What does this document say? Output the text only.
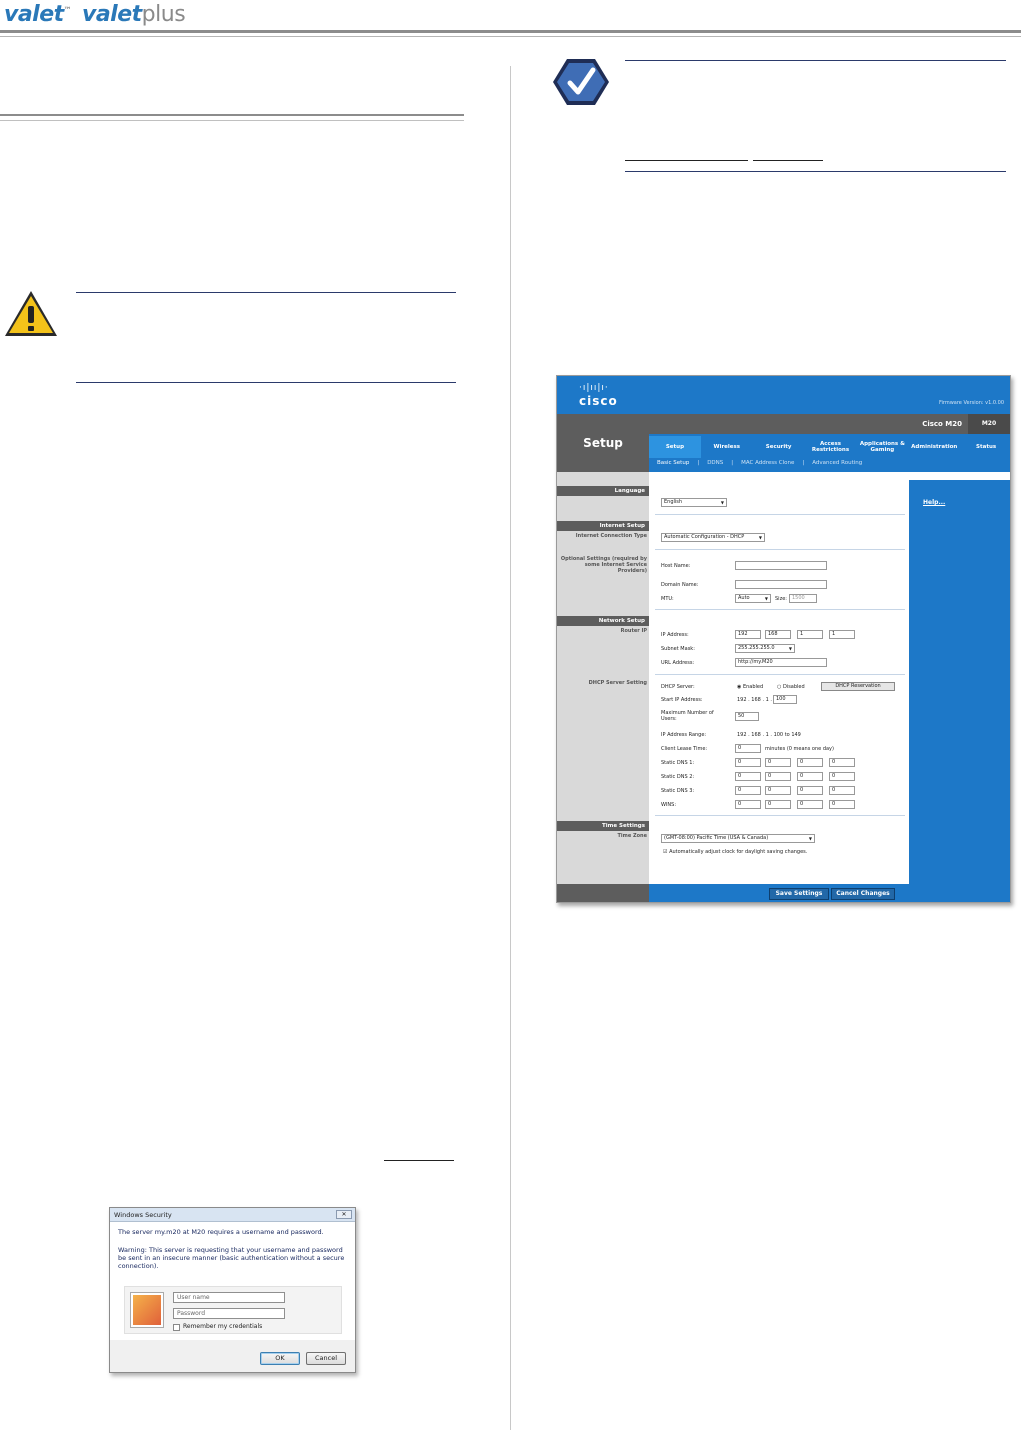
valet™ valetplus
·ı|ıı|ı·
cisco	Firmware Version: v1.0.00
Cisco M20	M20
Setup	Setup	Wireless	Security	Access Restrictions
Applications & Gaming	Administration	Status
Basic Setup | DDNS | MAC Address Clone | Advanced Routing
Help...
Language
English ▼
Internet Setup
Internet Connection Type	Automatic Configuration - DHCP ▼
Optional Settings (required by some Internet Service Providers)
Host Name:
Domain Name:
MTU:	Auto ▼	Size:	1500
Network Setup
Router IP
IP Address:	192	168	1	1
Subnet Mask:	255.255.255.0 ▼
URL Address:	http://my.M20
DHCP Server Setting
DHCP Server:	◉ Enabled	○ Disabled	DHCP Reservation
Start IP Address:	192 . 168 . 1 . 100
Maximum Number of Users:	50
IP Address Range:	192 . 168 . 1 . 100 to 149
Client Lease Time:	0	minutes (0 means one day)
Static DNS 1:	0	0	0	0
Static DNS 2:	0	0	0	0
Static DNS 3:	0	0	0	0
WINS:	0	0	0	0
Time Settings
Time Zone	(GMT-08:00) Pacific Time (USA & Canada) ▼
☑ Automatically adjust clock for daylight saving changes.
Save Settings	Cancel Changes
Windows Security	✕
The server my.m20 at M20 requires a username and password.
Warning: This server is requesting that your username and password be sent in an insecure manner (basic authentication without a secure connection).
User name
Password
Remember my credentials
OK	Cancel
